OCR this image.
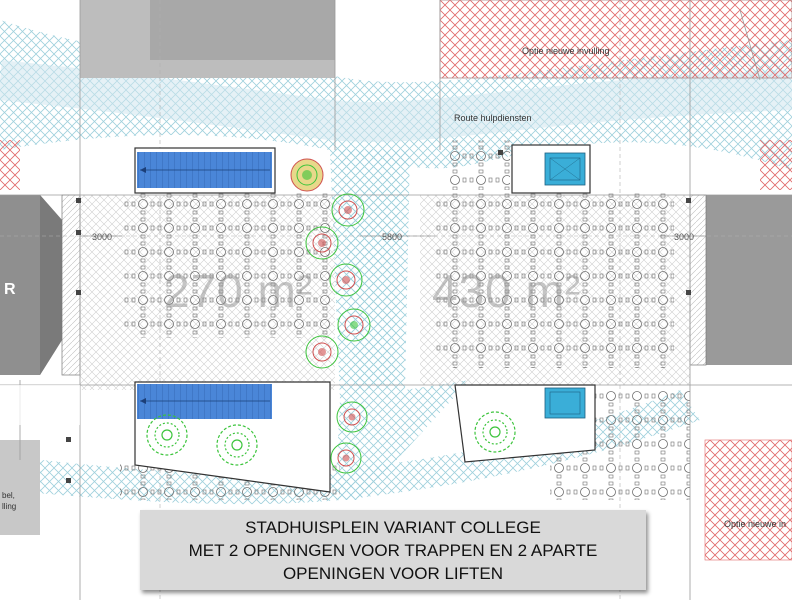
Optie nieuwe invulling
Route hulpdiensten
Optie nieuwe in
3000	5800	3000
270 m²	430 m²
R
bel,
lling
STADHUISPLEIN VARIANT COLLEGE
MET 2 OPENINGEN VOOR TRAPPEN EN 2 APARTE
OPENINGEN VOOR LIFTEN
